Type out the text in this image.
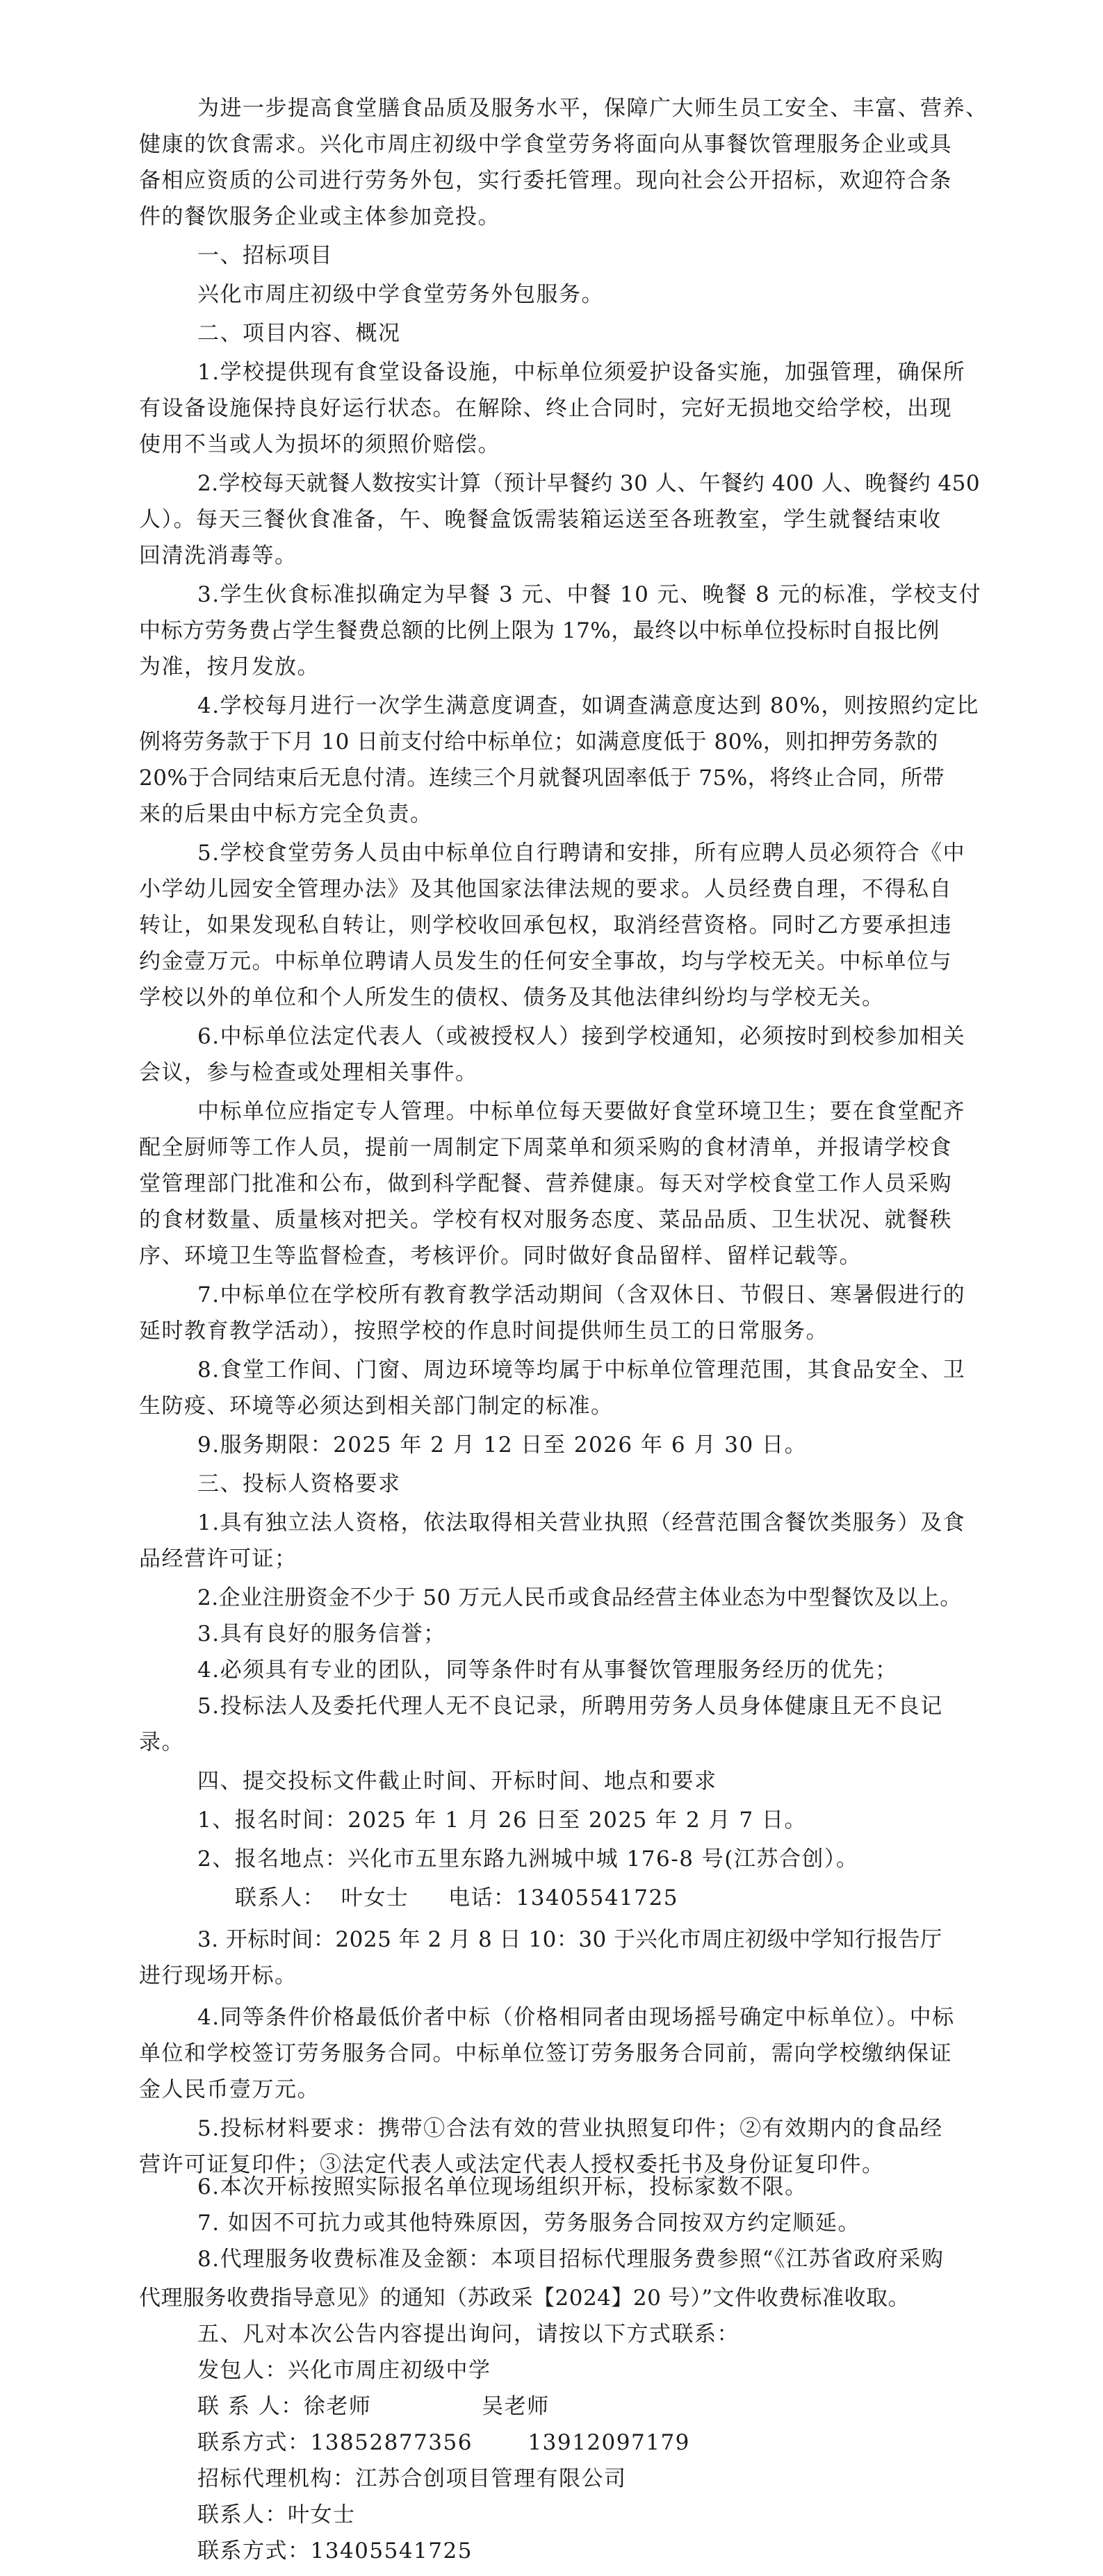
为进一步提高食堂膳食品质及服务水平，保障广大师生员工安全、丰富、营养、

健康的饮食需求。兴化市周庄初级中学食堂劳务将面向从事餐饮管理服务企业或具

备相应资质的公司进行劳务外包，实行委托管理。现向社会公开招标，欢迎符合条

件的餐饮服务企业或主体参加竞投。

一、招标项目

兴化市周庄初级中学食堂劳务外包服务。

二、项目内容、概况

1.学校提供现有食堂设备设施，中标单位须爱护设备实施，加强管理，确保所

有设备设施保持良好运行状态。在解除、终止合同时，完好无损地交给学校，出现

使用不当或人为损坏的须照价赔偿。

2.学校每天就餐人数按实计算（预计早餐约 30 人、午餐约 400 人、晚餐约 450

人）。每天三餐伙食准备，午、晚餐盒饭需装箱运送至各班教室，学生就餐结束收

回清洗消毒等。

3.学生伙食标准拟确定为早餐 3 元、中餐 10 元、晚餐 8 元的标准，学校支付

中标方劳务费占学生餐费总额的比例上限为 17%，最终以中标单位投标时自报比例

为准，按月发放。

4.学校每月进行一次学生满意度调查，如调查满意度达到 80%，则按照约定比

例将劳务款于下月 10 日前支付给中标单位；如满意度低于 80%，则扣押劳务款的

20%于合同结束后无息付清。连续三个月就餐巩固率低于 75%，将终止合同，所带

来的后果由中标方完全负责。

5.学校食堂劳务人员由中标单位自行聘请和安排，所有应聘人员必须符合《中

小学幼儿园安全管理办法》及其他国家法律法规的要求。人员经费自理，不得私自

转让，如果发现私自转让，则学校收回承包权，取消经营资格。同时乙方要承担违

约金壹万元。中标单位聘请人员发生的任何安全事故，均与学校无关。中标单位与

学校以外的单位和个人所发生的债权、债务及其他法律纠纷均与学校无关。

6.中标单位法定代表人（或被授权人）接到学校通知，必须按时到校参加相关

会议，参与检查或处理相关事件。

中标单位应指定专人管理。中标单位每天要做好食堂环境卫生；要在食堂配齐

配全厨师等工作人员，提前一周制定下周菜单和须采购的食材清单，并报请学校食

堂管理部门批准和公布，做到科学配餐、营养健康。每天对学校食堂工作人员采购

的食材数量、质量核对把关。学校有权对服务态度、菜品品质、卫生状况、就餐秩

序、环境卫生等监督检查，考核评价。同时做好食品留样、留样记载等。

7.中标单位在学校所有教育教学活动期间（含双休日、节假日、寒暑假进行的

延时教育教学活动），按照学校的作息时间提供师生员工的日常服务。

8.食堂工作间、门窗、周边环境等均属于中标单位管理范围，其食品安全、卫

生防疫、环境等必须达到相关部门制定的标准。

9.服务期限：2025 年 2 月 12 日至 2026 年 6 月 30 日。

三、投标人资格要求

1.具有独立法人资格，依法取得相关营业执照（经营范围含餐饮类服务）及食

品经营许可证；

2.企业注册资金不少于 50 万元人民币或食品经营主体业态为中型餐饮及以上。

3.具有良好的服务信誉；

4.必须具有专业的团队，同等条件时有从事餐饮管理服务经历的优先；

5.投标法人及委托代理人无不良记录，所聘用劳务人员身体健康且无不良记

录。

四、提交投标文件截止时间、开标时间、地点和要求

1、报名时间：2025 年 1 月 26 日至 2025 年 2 月 7 日。

2、报名地点：兴化市五里东路九洲城中城 176-8 号(江苏合创）。

联系人：  叶女士     电话：13405541725

3. 开标时间：2025 年 2 月 8 日 10：30 于兴化市周庄初级中学知行报告厅

进行现场开标。

4.同等条件价格最低价者中标（价格相同者由现场摇号确定中标单位）。中标

单位和学校签订劳务服务合同。中标单位签订劳务服务合同前，需向学校缴纳保证

金人民币壹万元。

5.投标材料要求：携带①合法有效的营业执照复印件；②有效期内的食品经

营许可证复印件；③法定代表人或法定代表人授权委托书及身份证复印件。

6.本次开标按照实际报名单位现场组织开标，投标家数不限。

7. 如因不可抗力或其他特殊原因，劳务服务合同按双方约定顺延。

8.代理服务收费标准及金额：本项目招标代理服务费参照“《江苏省政府采购

代理服务收费指导意见》的通知（苏政采【2024】20 号）”文件收费标准收取。

五、凡对本次公告内容提出询问，请按以下方式联系：

发包人：兴化市周庄初级中学

联 系 人：徐老师              吴老师

联系方式：13852877356       13912097179

招标代理机构：江苏合创项目管理有限公司

联系人：叶女士

联系方式：13405541725
